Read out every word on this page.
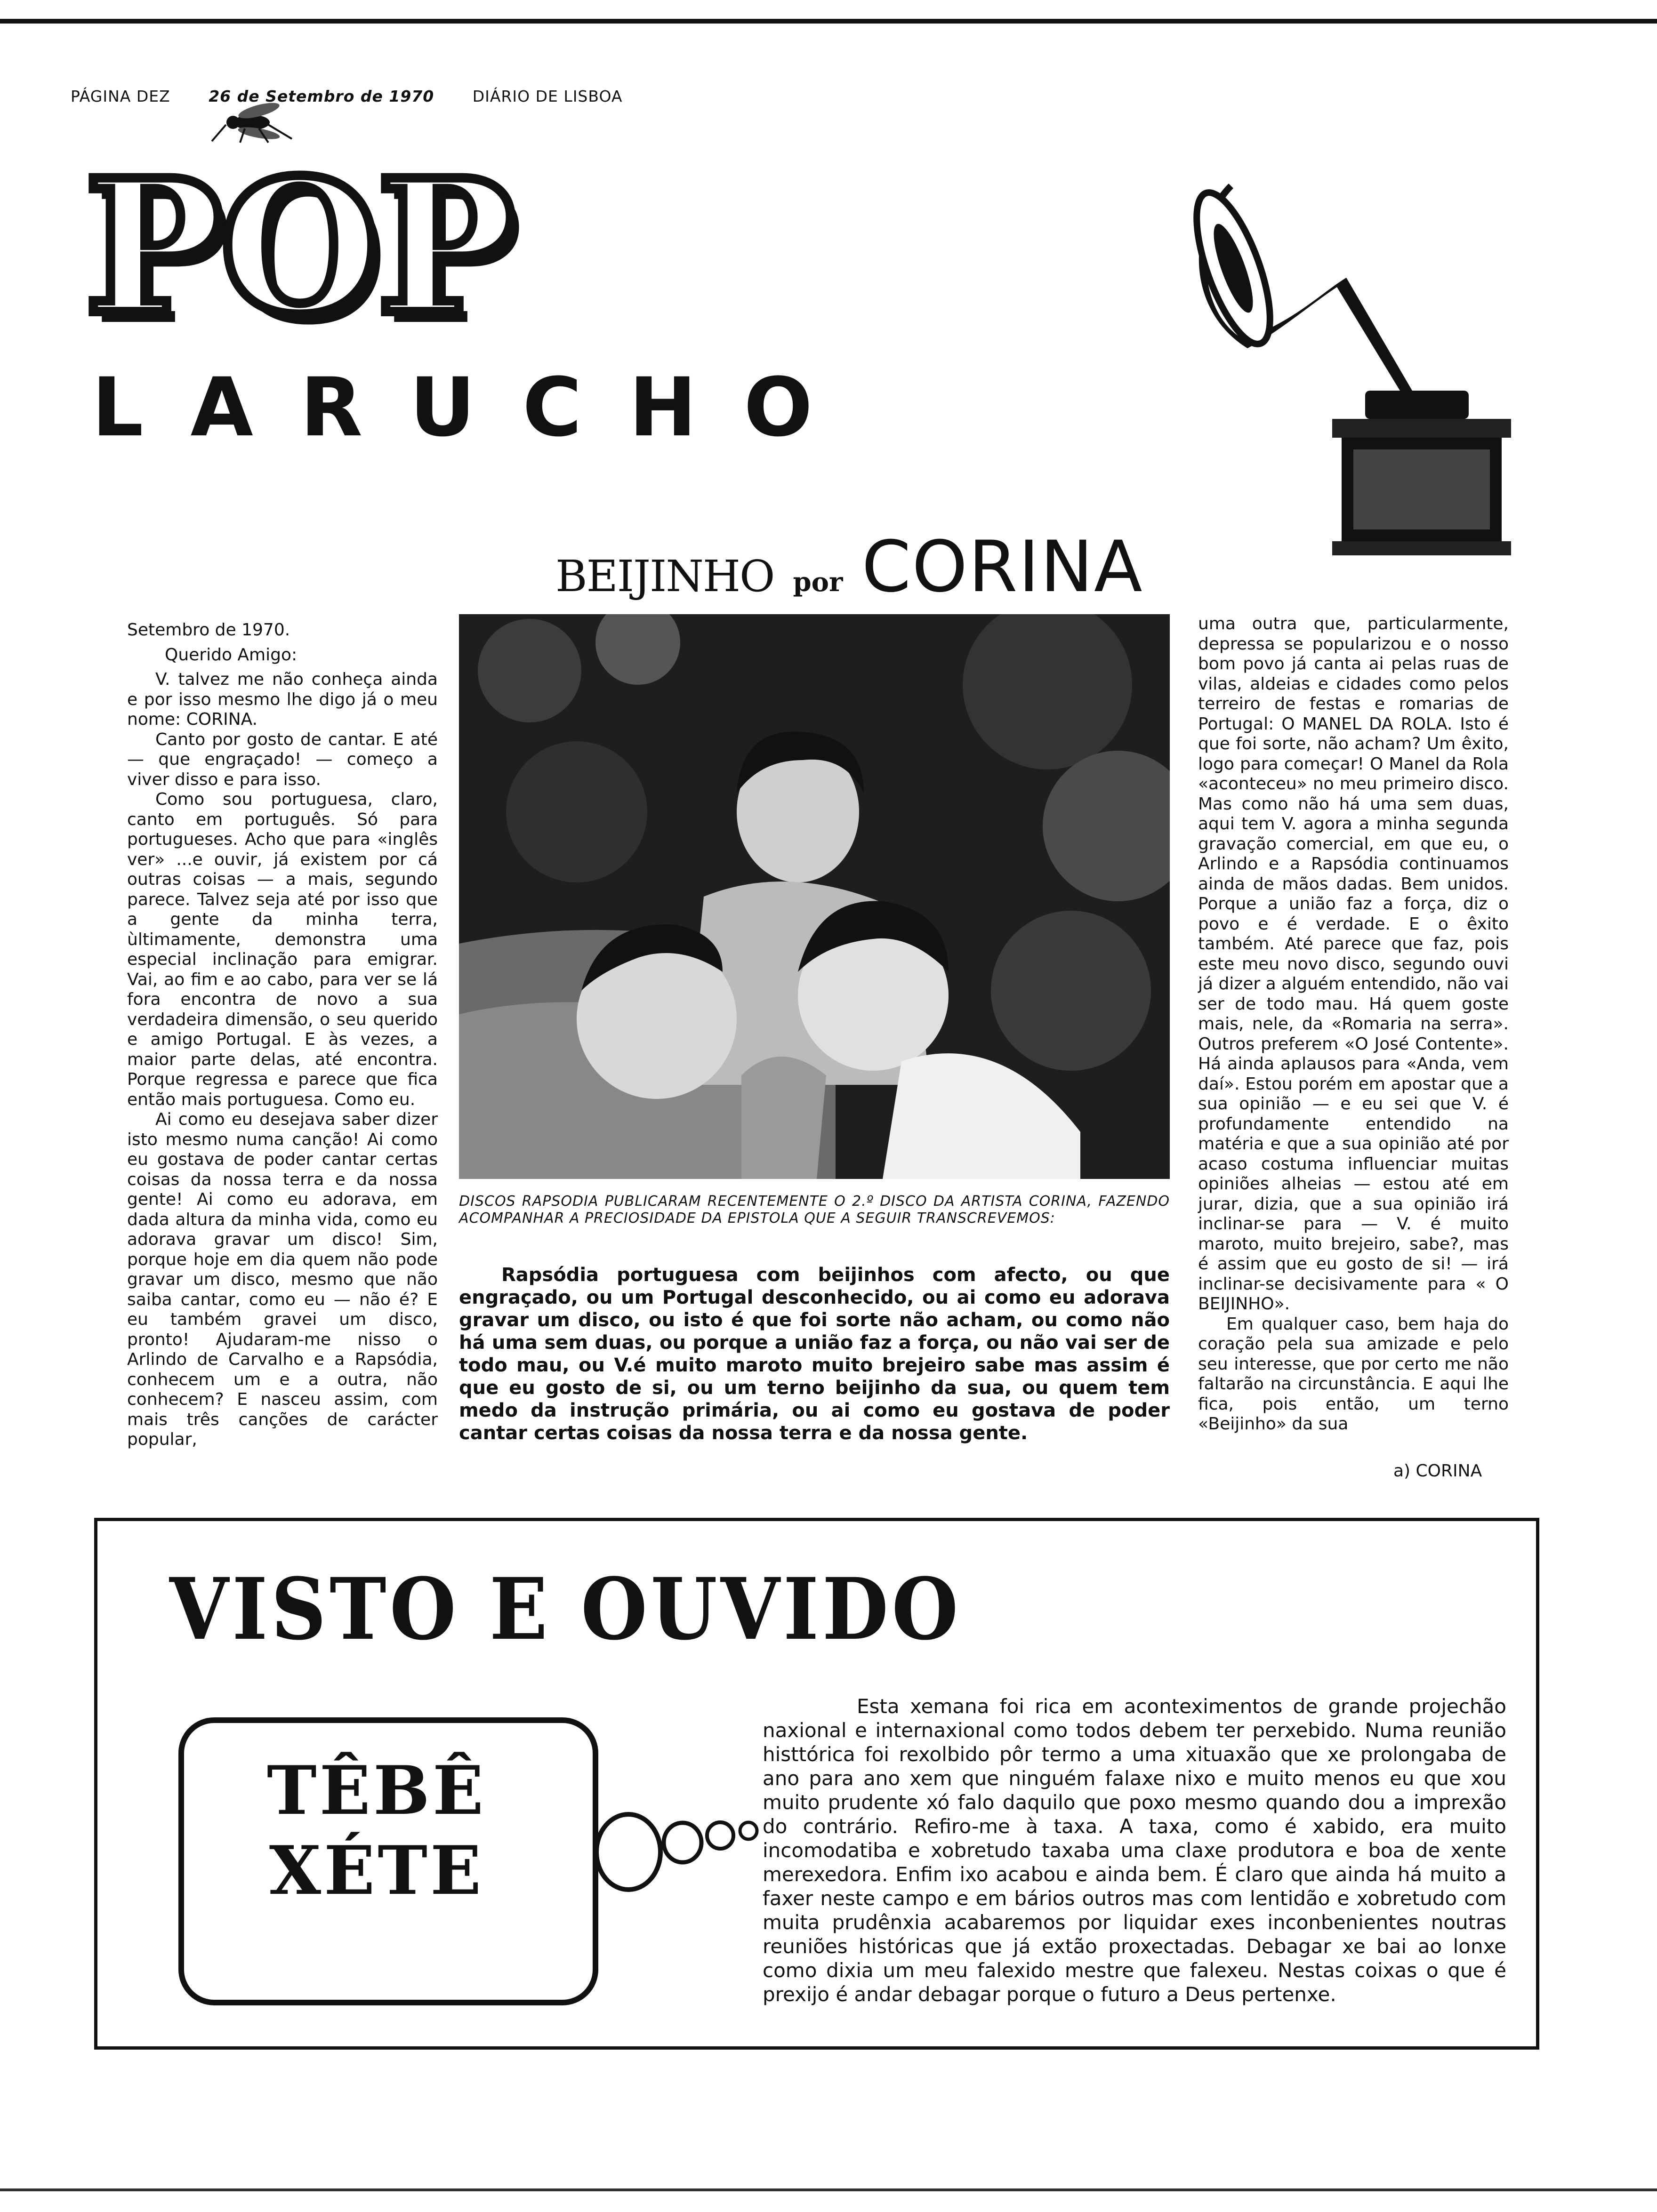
PÁGINA DEZ 26 de Setembro de 1970 DIÁRIO DE LISBOA
POP
LARUCHO
BEIJINHO por CORINA

Setembro de 1970.

Querido Amigo:

V. talvez me não conheça ainda e por isso mesmo lhe digo já o meu nome: CORINA.

Canto por gosto de cantar. E até — que engraçado! — começo a viver disso e para isso.

Como sou portuguesa, claro, canto em português. Só para portugueses. Acho que para «inglês ver» ...e ouvir, já existem por cá outras coisas — a mais, segundo parece. Talvez seja até por isso que a gente da minha terra, ùltimamente, demonstra uma especial inclinação para emigrar. Vai, ao fim e ao cabo, para ver se lá fora encontra de novo a sua verdadeira dimensão, o seu querido e amigo Portugal. E às vezes, a maior parte delas, até encontra. Porque regressa e parece que fica então mais portuguesa. Como eu.

Ai como eu desejava saber dizer isto mesmo numa canção! Ai como eu gostava de poder cantar certas coisas da nossa terra e da nossa gente! Ai como eu adorava, em dada altura da minha vida, como eu adorava gravar um disco! Sim, porque hoje em dia quem não pode gravar um disco, mesmo que não saiba cantar, como eu — não é? E eu também gravei um disco, pronto! Ajudaram-me nisso o Arlindo de Carvalho e a Rapsódia, conhecem um e a outra, não conhecem? E nasceu assim, com mais três canções de carácter popular,

DISCOS RAPSODIA PUBLICARAM RECENTEMENTE O 2.º DISCO DA ARTISTA CORINA, FAZENDO ACOMPANHAR A PRECIOSIDADE DA EPISTOLA QUE A SEGUIR TRANSCREVEMOS:

Rapsódia portuguesa com beijinhos com afecto, ou que engraçado, ou um Portugal desconhecido, ou ai como eu adorava gravar um disco, ou isto é que foi sorte não acham, ou como não há uma sem duas, ou porque a união faz a força, ou não vai ser de todo mau, ou V.é muito maroto muito brejeiro sabe mas assim é que eu gosto de si, ou um terno beijinho da sua, ou quem tem medo da instrução primária, ou ai como eu gostava de poder cantar certas coisas da nossa terra e da nossa gente.

uma outra que, particularmente, depressa se popularizou e o nosso bom povo já canta ai pelas ruas de vilas, aldeias e cidades como pelos terreiro de festas e romarias de Portugal: O MANEL DA ROLA. Isto é que foi sorte, não acham? Um êxito, logo para começar! O Manel da Rola «aconteceu» no meu primeiro disco. Mas como não há uma sem duas, aqui tem V. agora a minha segunda gravação comercial, em que eu, o Arlindo e a Rapsódia continuamos ainda de mãos dadas. Bem unidos. Porque a união faz a força, diz o povo e é verdade. E o êxito também. Até parece que faz, pois este meu novo disco, segundo ouvi já dizer a alguém entendido, não vai ser de todo mau. Há quem goste mais, nele, da «Romaria na serra». Outros preferem «O José Contente». Há ainda aplausos para «Anda, vem daí». Estou porém em apostar que a sua opinião — e eu sei que V. é profundamente entendido na matéria e que a sua opinião até por acaso costuma influenciar muitas opiniões alheias — estou até em jurar, dizia, que a sua opinião irá inclinar-se para — V. é muito maroto, muito brejeiro, sabe?, mas é assim que eu gosto de si! — irá inclinar-se decisivamente para « O BEIJINHO».

Em qualquer caso, bem haja do coração pela sua amizade e pelo seu interesse, que por certo me não faltarão na circunstância. E aqui lhe fica, pois então, um terno «Beijinho» da sua

a) CORINA
VISTO E OUVIDO
TÊBÊ
XÉTE

Esta xemana foi rica em aconteximentos de grande projechão naxional e internaxional como todos debem ter perxebido. Numa reunião histtórica foi rexolbido pôr termo a uma xituaxão que xe prolongaba de ano para ano xem que ninguém falaxe nixo e muito menos eu que xou muito prudente xó falo daquilo que poxo mesmo quando dou a imprexão do contrário. Refiro-me à taxa. A taxa, como é xabido, era muito incomodatiba e xobretudo taxaba uma claxe produtora e boa de xente merexedora. Enfim ixo acabou e ainda bem. É claro que ainda há muito a faxer neste campo e em bários outros mas com lentidão e xobretudo com muita prudênxia acabaremos por liquidar exes inconbenientes noutras reuniões históricas que já extão proxectadas. Debagar xe bai ao lonxe como dixia um meu falexido mestre que falexeu. Nestas coixas o que é prexijo é andar debagar porque o futuro a Deus pertenxe.
